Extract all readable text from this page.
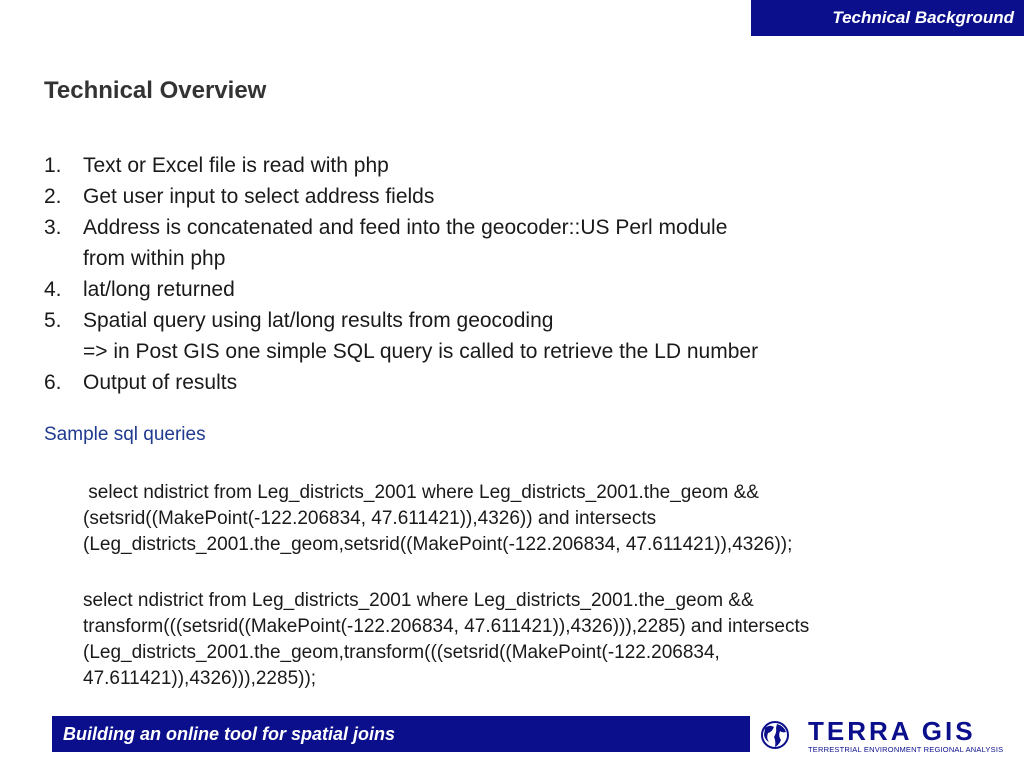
Technical Background
Technical Overview
1.	Text or Excel file is read with php
2.	Get user input to select address fields
3.	Address is concatenated and feed into the geocoder::US Perl module
from within php
4.	lat/long returned
5.	Spatial query using lat/long results from geocoding
=> in Post GIS one simple SQL query is called to retrieve the LD number
6.	Output of results

Sample sql queries

select ndistrict from Leg_districts_2001 where Leg_districts_2001.the_geom &&
(setsrid((MakePoint(-122.206834, 47.611421)),4326)) and intersects
(Leg_districts_2001.the_geom,setsrid((MakePoint(-122.206834, 47.611421)),4326));
select ndistrict from Leg_districts_2001 where Leg_districts_2001.the_geom &&
transform(((setsrid((MakePoint(-122.206834, 47.611421)),4326))),2285) and intersects
(Leg_districts_2001.the_geom,transform(((setsrid((MakePoint(-122.206834,
47.611421)),4326))),2285));
Building an online tool for spatial joins	TERRA GIS
TERRESTRIAL ENVIRONMENT REGIONAL ANALYSIS
